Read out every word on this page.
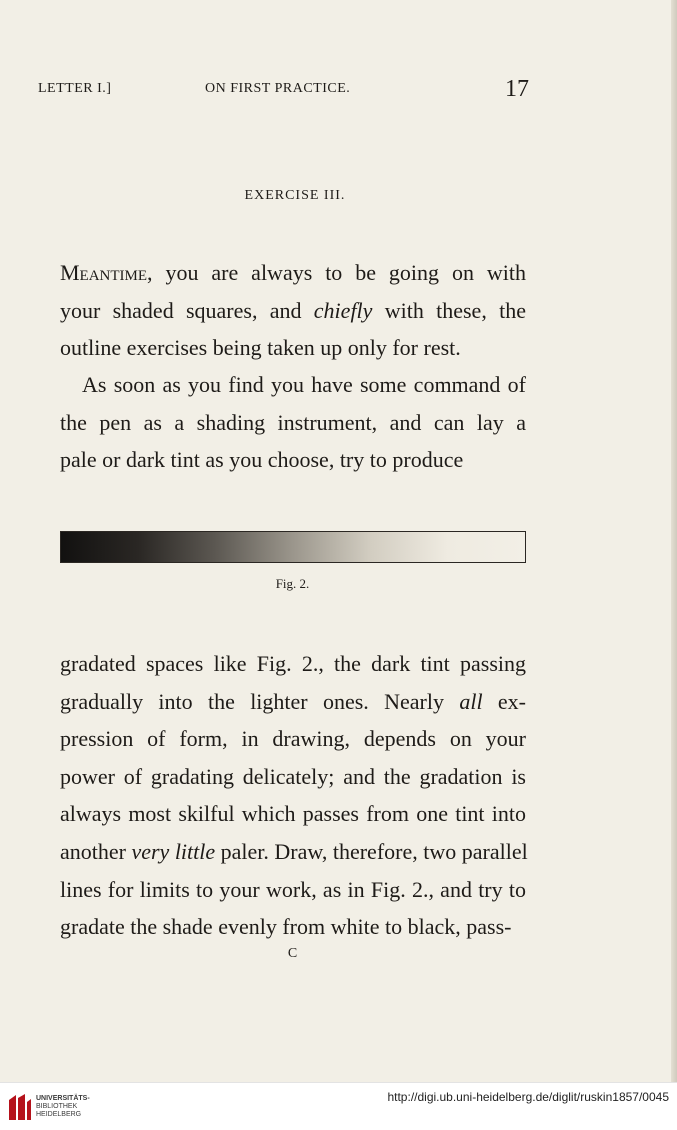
LETTER I.]	ON FIRST PRACTICE.	17
EXERCISE III.

Meantime, you are always to be going on with
your shaded squares, and chiefly with these, the
outline exercises being taken up only for rest.

 As soon as you find you have some command of
the pen as a shading instrument, and can lay a
pale or dark tint as you choose, try to produce

Fig. 2.

gradated spaces like Fig. 2., the dark tint passing
gradually into the lighter ones. Nearly all ex-
pression of form, in drawing, depends on your
power of gradating delicately; and the gradation is
always most skilful which passes from one tint into
another very little paler. Draw, therefore, two parallel
lines for limits to your work, as in Fig. 2., and try to
gradate the shade evenly from white to black, pass-

C
UNIVERSITÄTS-
BIBLIOTHEK
HEIDELBERG
http://digi.ub.uni-heidelberg.de/diglit/ruskin1857/0045
